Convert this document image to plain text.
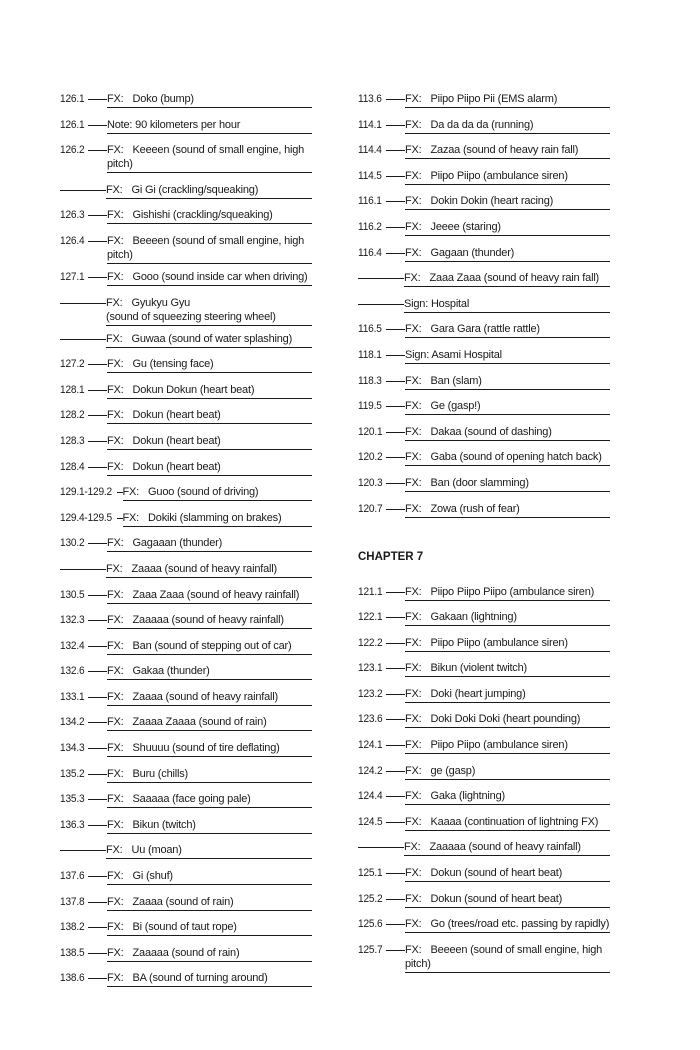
126.1 FX: Doko (bump)
126.1 Note: 90 kilometers per hour
126.2 FX: Keeeen (sound of small engine, high pitch)
FX: Gi Gi (crackling/squeaking)
126.3 FX: Gishishi (crackling/squeaking)
126.4 FX: Beeeen (sound of small engine, high pitch)
127.1 FX: Gooo (sound inside car when driving)
FX: Gyukyu Gyu
(sound of squeezing steering wheel)
FX: Guwaa (sound of water splashing)
127.2 FX: Gu (tensing face)
128.1 FX: Dokun Dokun (heart beat)
128.2 FX: Dokun (heart beat)
128.3 FX: Dokun (heart beat)
128.4 FX: Dokun (heart beat)
129.1-129.2 FX: Guoo (sound of driving)
129.4-129.5 FX: Dokiki (slamming on brakes)
130.2 FX: Gagaaan (thunder)
FX: Zaaaa (sound of heavy rainfall)
130.5 FX: Zaaa Zaaa (sound of heavy rainfall)
132.3 FX: Zaaaaa (sound of heavy rainfall)
132.4 FX: Ban (sound of stepping out of car)
132.6 FX: Gakaa (thunder)
133.1 FX: Zaaaa (sound of heavy rainfall)
134.2 FX: Zaaaa Zaaaa (sound of rain)
134.3 FX: Shuuuu (sound of tire deflating)
135.2 FX: Buru (chills)
135.3 FX: Saaaaa (face going pale)
136.3 FX: Bikun (twitch)
FX: Uu (moan)
137.6 FX: Gi (shuf)
137.8 FX: Zaaaa (sound of rain)
138.2 FX: Bi (sound of taut rope)
138.5 FX: Zaaaaa (sound of rain)
138.6 FX: BA (sound of turning around)
113.6 FX: Piipo Piipo Pii (EMS alarm)
114.1 FX: Da da da da (running)
114.4 FX: Zazaa (sound of heavy rain fall)
114.5 FX: Piipo Piipo (ambulance siren)
116.1 FX: Dokin Dokin (heart racing)
116.2 FX: Jeeee (staring)
116.4 FX: Gagaan (thunder)
FX: Zaaa Zaaa (sound of heavy rain fall)
Sign: Hospital
116.5 FX: Gara Gara (rattle rattle)
118.1 Sign: Asami Hospital
118.3 FX: Ban (slam)
119.5 FX: Ge (gasp!)
120.1 FX: Dakaa (sound of dashing)
120.2 FX: Gaba (sound of opening hatch back)
120.3 FX: Ban (door slamming)
120.7 FX: Zowa (rush of fear)
CHAPTER 7
121.1 FX: Piipo Piipo Piipo (ambulance siren)
122.1 FX: Gakaan (lightning)
122.2 FX: Piipo Piipo (ambulance siren)
123.1 FX: Bikun (violent twitch)
123.2 FX: Doki (heart jumping)
123.6 FX: Doki Doki Doki (heart pounding)
124.1 FX: Piipo Piipo (ambulance siren)
124.2 FX: ge (gasp)
124.4 FX: Gaka (lightning)
124.5 FX: Kaaaa (continuation of lightning FX)
FX: Zaaaaa (sound of heavy rainfall)
125.1 FX: Dokun (sound of heart beat)
125.2 FX: Dokun (sound of heart beat)
125.6 FX: Go (trees/road etc. passing by rapidly)
125.7 FX: Beeeen (sound of small engine, high pitch)
